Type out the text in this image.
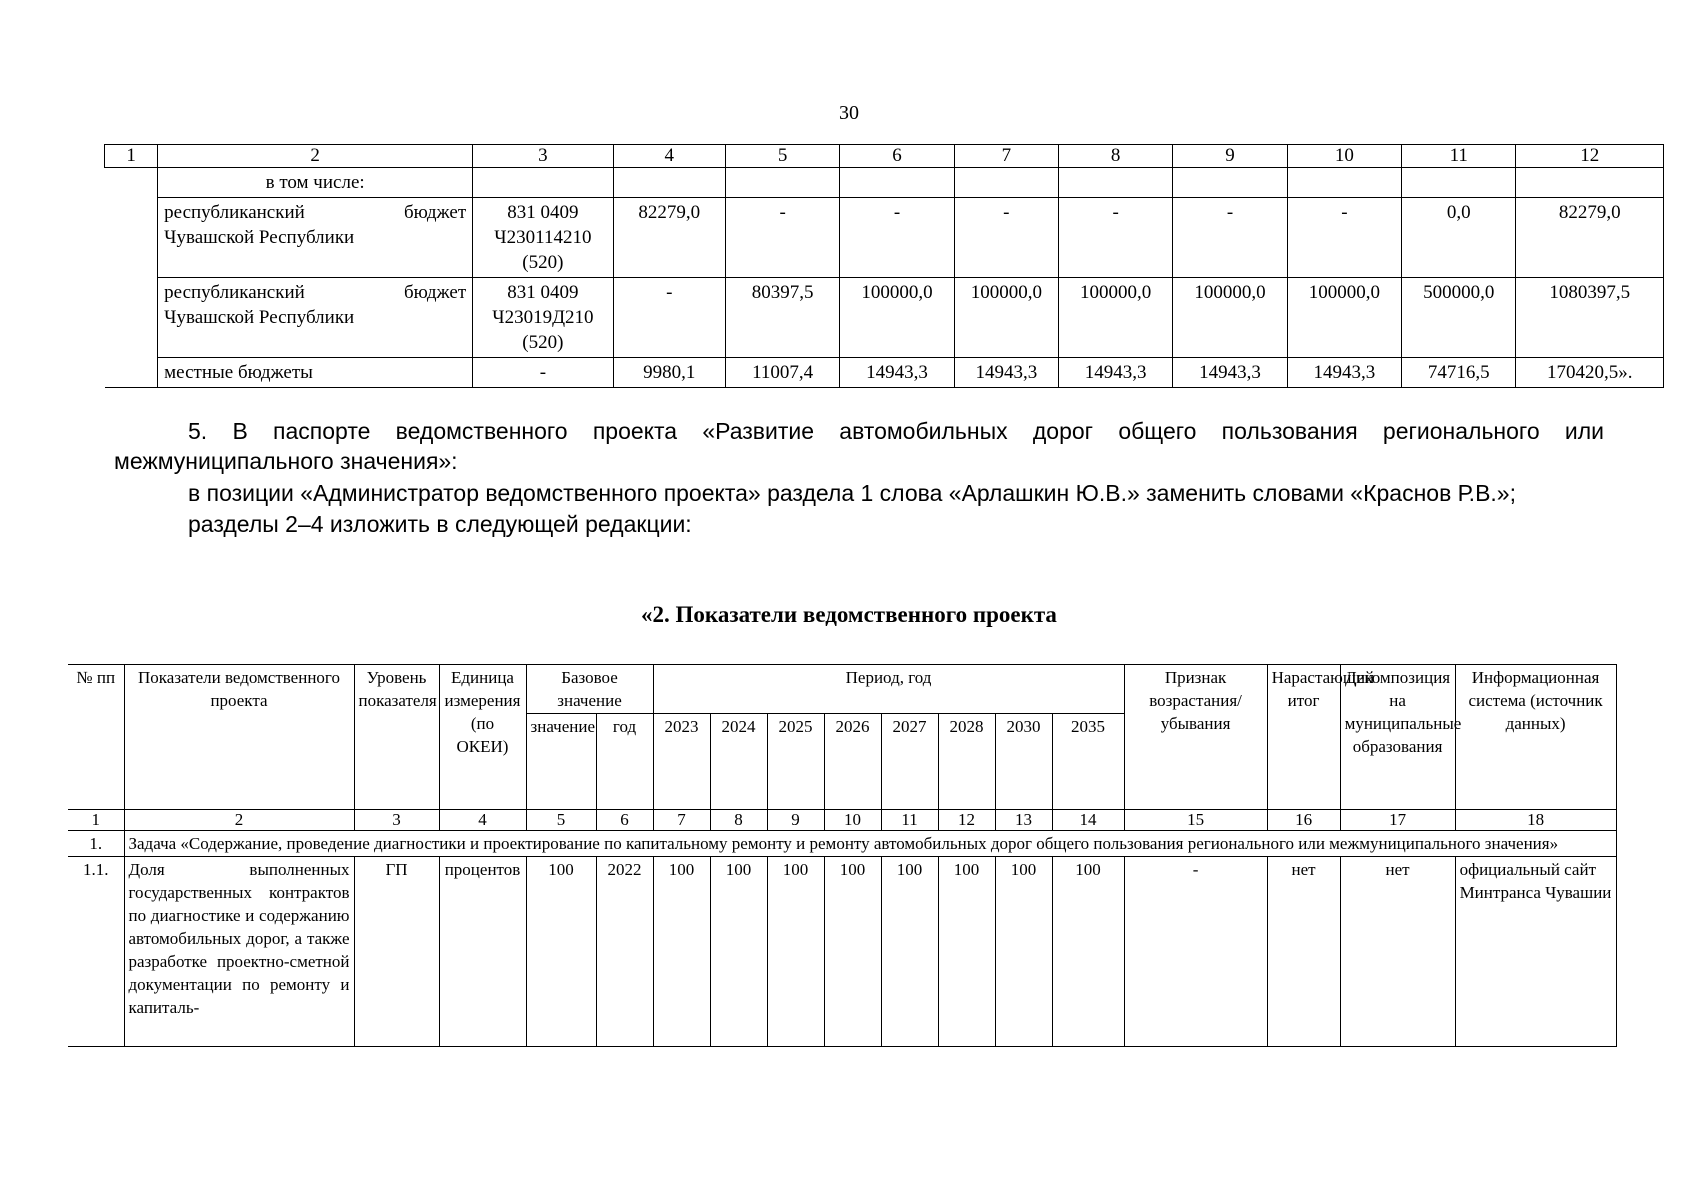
30
1	2	3	4	5	6	7	8	9	10	11	12
	в том числе:										
	республиканский бюджет Чувашской Республики	831 0409
Ч230114210
(520)	82279,0	-	-	-	-	-	-	0,0	82279,0
	республиканский бюджет Чувашской Республики	831 0409
Ч23019Д210
(520)	-	80397,5	100000,0	100000,0	100000,0	100000,0	100000,0	500000,0	1080397,5
	местные бюджеты	-	9980,1	11007,4	14943,3	14943,3	14943,3	14943,3	14943,3	74716,5	170420,5».
5. В паспорте ведомственного проекта «Развитие автомобильных дорог общего пользования регионального или межмуниципального значения»:
в позиции «Администратор ведомственного проекта» раздела 1 слова «Арлашкин Ю.В.» заменить словами «Краснов Р.В.»;
разделы 2–4 изложить в следующей редакции:
«2. Показатели ведомственного проекта
№ пп	Показатели ведомственного проекта	Уровень показателя	Единица измерения (по ОКЕИ)	Базовое значение		Период, год								Признак возрастания/убывания	Нарастающий итог	Декомпозиция на муниципальные образования	Информационная система (источник данных)
				значение	год	2023	2024	2025	2026	2027	2028	2030	2035				
1	2	3	4	5	6	7	8	9	10	11	12	13	14	15	16	17	18
1.	Задача «Содержание, проведение диагностики и проектирование по капитальному ремонту и ремонту автомобильных дорог общего пользования регионального или межмуниципального значения»																
1.1.	Доля выполненных государственных контрактов по диагностике и содержанию автомобильных дорог, а также разработке проектно-сметной документации по ремонту и капиталь-	ГП	процентов	100	2022	100	100	100	100	100	100	100	100	-	нет	нет	официальный сайт Минтранса Чувашии
